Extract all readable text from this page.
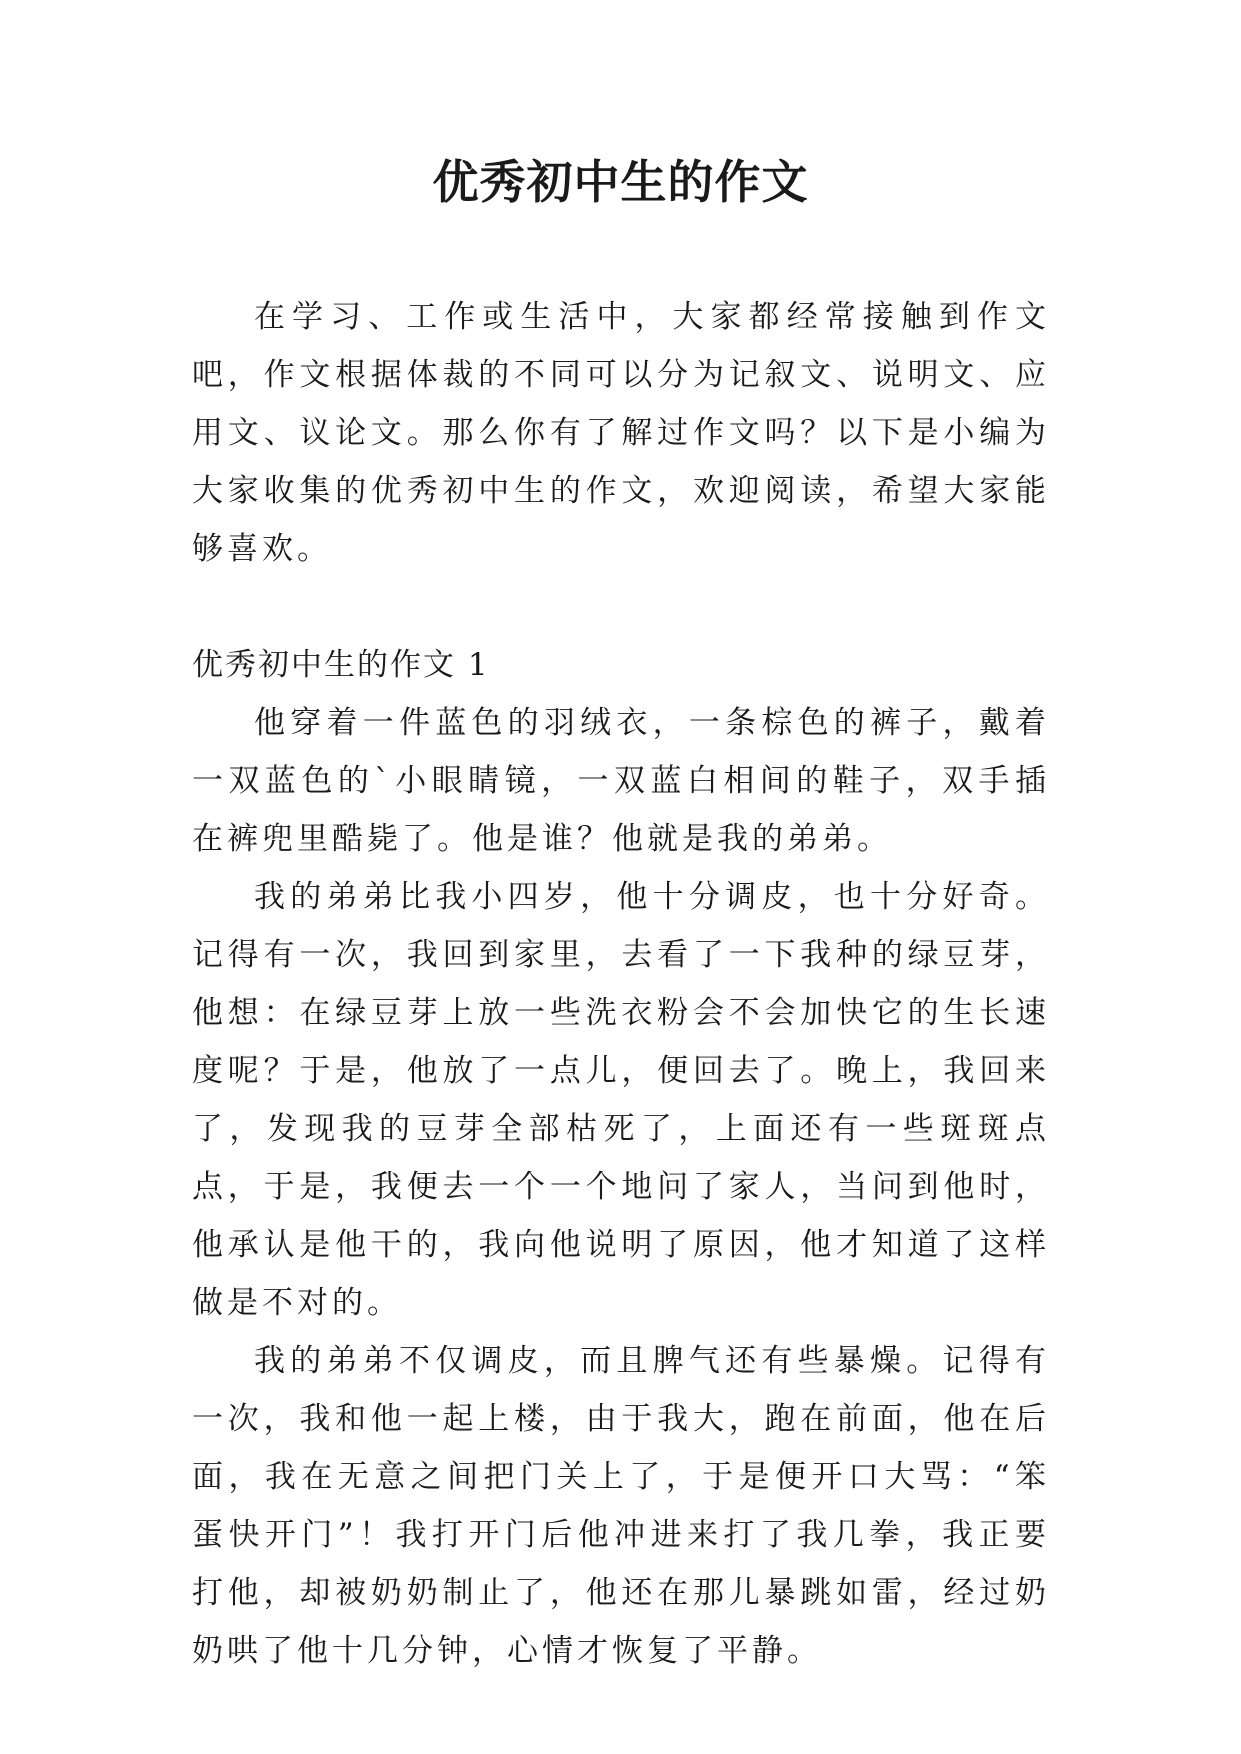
优秀初中生的作文

在学习、工作或生活中，大家都经常接触到作文吧，作文根据体裁的不同可以分为记叙文、说明文、应用文、议论文。那么你有了解过作文吗？以下是小编为大家收集的优秀初中生的作文，欢迎阅读，希望大家能够喜欢。

优秀初中生的作文 1

他穿着一件蓝色的羽绒衣，一条棕色的裤子，戴着一双蓝色的`小眼睛镜，一双蓝白相间的鞋子，双手插在裤兜里酷毙了。他是谁？他就是我的弟弟。

我的弟弟比我小四岁，他十分调皮，也十分好奇。记得有一次，我回到家里，去看了一下我种的绿豆芽，他想：在绿豆芽上放一些洗衣粉会不会加快它的生长速度呢？于是，他放了一点儿，便回去了。晚上，我回来了，发现我的豆芽全部枯死了，上面还有一些斑斑点点，于是，我便去一个一个地问了家人，当问到他时，他承认是他干的，我向他说明了原因，他才知道了这样做是不对的。

我的弟弟不仅调皮，而且脾气还有些暴燥。记得有一次，我和他一起上楼，由于我大，跑在前面，他在后面，我在无意之间把门关上了，于是便开口大骂：“笨蛋快开门”！我打开门后他冲进来打了我几拳，我正要打他，却被奶奶制止了，他还在那儿暴跳如雷，经过奶奶哄了他十几分钟，心情才恢复了平静。
